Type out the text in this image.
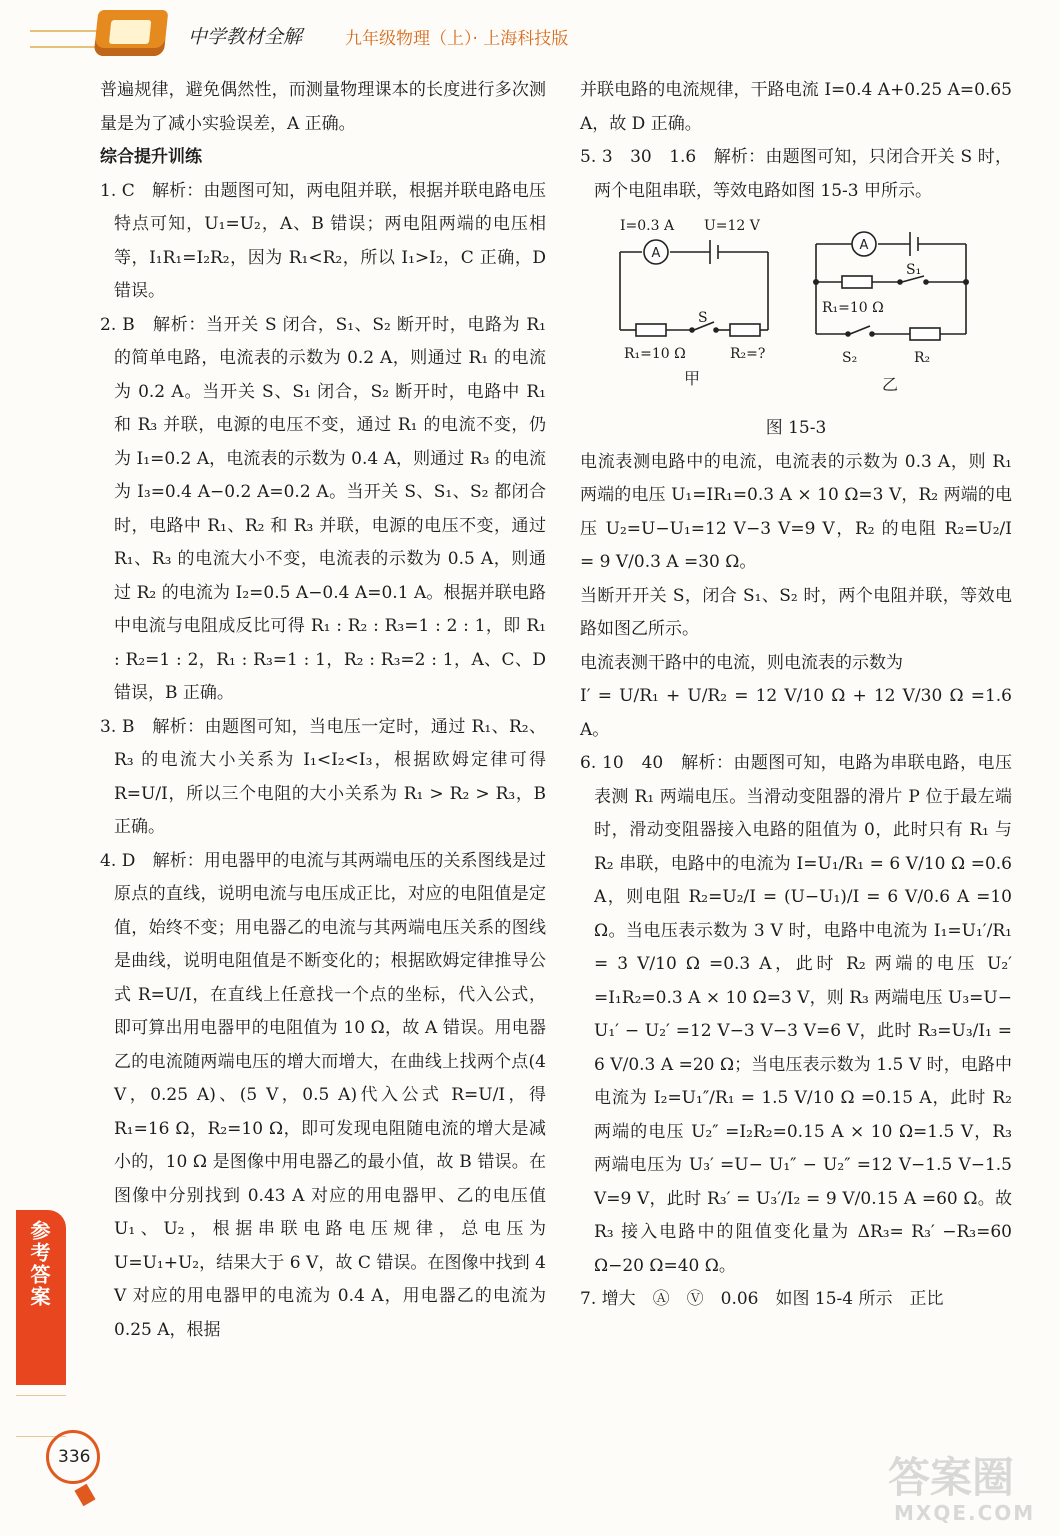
中学教材全解	九年级物理（上）· 上海科技版

普遍规律，避免偶然性，而测量物理课本的长度进行多次测量是为了减小实验误差，A 正确。

综合提升训练

1. C　解析：由题图可知，两电阻并联，根据并联电路电压特点可知，U₁=U₂，A、B 错误；两电阻两端的电压相等，I₁R₁=I₂R₂，因为 R₁<R₂，所以 I₁>I₂，C 正确，D 错误。

2. B　解析：当开关 S 闭合，S₁、S₂ 断开时，电路为 R₁ 的简单电路，电流表的示数为 0.2 A，则通过 R₁ 的电流为 0.2 A。当开关 S、S₁ 闭合，S₂ 断开时，电路中 R₁ 和 R₃ 并联，电源的电压不变，通过 R₁ 的电流不变，仍为 I₁=0.2 A，电流表的示数为 0.4 A，则通过 R₃ 的电流为 I₃=0.4 A−0.2 A=0.2 A。当开关 S、S₁、S₂ 都闭合时，电路中 R₁、R₂ 和 R₃ 并联，电源的电压不变，通过 R₁、R₃ 的电流大小不变，电流表的示数为 0.5 A，则通过 R₂ 的电流为 I₂=0.5 A−0.4 A=0.1 A。根据并联电路中电流与电阻成反比可得 R₁ : R₂ : R₃=1 : 2 : 1，即 R₁ : R₂=1 : 2，R₁ : R₃=1 : 1，R₂ : R₃=2 : 1，A、C、D 错误，B 正确。

3. B　解析：由题图可知，当电压一定时，通过 R₁、R₂、R₃ 的电流大小关系为 I₁<I₂<I₃，根据欧姆定律可得 R=U/I，所以三个电阻的大小关系为 R₁ > R₂ > R₃，B 正确。

4. D　解析：用电器甲的电流与其两端电压的关系图线是过原点的直线，说明电流与电压成正比，对应的电阻值是定值，始终不变；用电器乙的电流与其两端电压关系的图线是曲线，说明电阻值是不断变化的；根据欧姆定律推导公式 R=U/I，在直线上任意找一个点的坐标，代入公式，即可算出用电器甲的电阻值为 10 Ω，故 A 错误。用电器乙的电流随两端电压的增大而增大，在曲线上找两个点(4 V，0.25 A)、(5 V，0.5 A)代入公式 R=U/I，得 R₁=16 Ω，R₂=10 Ω，即可发现电阻随电流的增大是减小的，10 Ω 是图像中用电器乙的最小值，故 B 错误。在图像中分别找到 0.43 A 对应的用电器甲、乙的电压值 U₁、U₂，根据串联电路电压规律，总电压为 U=U₁+U₂，结果大于 6 V，故 C 错误。在图像中找到 4 V 对应的用电器甲的电流为 0.4 A，用电器乙的电流为 0.25 A，根据

并联电路的电流规律，干路电流 I=0.4 A+0.25 A=0.65 A，故 D 正确。

5. 3　30　1.6　解析：由题图可知，只闭合开关 S 时，两个电阻串联，等效电路如图 15-3 甲所示。

A
A
I=0.3 A U=12 V
S
R₁=10 Ω	R₂=?
甲
S₁
R₁=10 Ω
S₂	R₂
乙

图 15-3

电流表测电路中的电流，电流表的示数为 0.3 A，则 R₁ 两端的电压 U₁=IR₁=0.3 A × 10 Ω=3 V，R₂ 两端的电压 U₂=U−U₁=12 V−3 V=9 V，R₂ 的电阻 R₂=U₂/I = 9 V/0.3 A =30 Ω。

当断开开关 S，闭合 S₁、S₂ 时，两个电阻并联，等效电路如图乙所示。

电流表测干路中的电流，则电流表的示数为

I′ = U/R₁ + U/R₂ = 12 V/10 Ω + 12 V/30 Ω =1.6 A。

6. 10　40　解析：由题图可知，电路为串联电路，电压表测 R₁ 两端电压。当滑动变阻器的滑片 P 位于最左端时，滑动变阻器接入电路的阻值为 0，此时只有 R₁ 与 R₂ 串联，电路中的电流为 I=U₁/R₁ = 6 V/10 Ω =0.6 A，则电阻 R₂=U₂/I = (U−U₁)/I = 6 V/0.6 A =10 Ω。当电压表示数为 3 V 时，电路中电流为 I₁=U₁′/R₁ = 3 V/10 Ω =0.3 A，此时 R₂ 两端的电压 U₂′ =I₁R₂=0.3 A × 10 Ω=3 V，则 R₃ 两端电压 U₃=U− U₁′ − U₂′ =12 V−3 V−3 V=6 V，此时 R₃=U₃/I₁ = 6 V/0.3 A =20 Ω；当电压表示数为 1.5 V 时，电路中电流为 I₂=U₁″/R₁ = 1.5 V/10 Ω =0.15 A，此时 R₂ 两端的电压 U₂″ =I₂R₂=0.15 A × 10 Ω=1.5 V，R₃ 两端电压为 U₃′ =U− U₁″ − U₂″ =12 V−1.5 V−1.5 V=9 V，此时 R₃′ = U₃′/I₂ = 9 V/0.15 A =60 Ω。故 R₃ 接入电路中的阻值变化量为 ΔR₃= R₃′ −R₃=60 Ω−20 Ω=40 Ω。

7. 增大　Ⓐ　Ⓥ　0.06　如图 15-4 所示　正比

参考答案
336	答案圈
MXQE.COM
